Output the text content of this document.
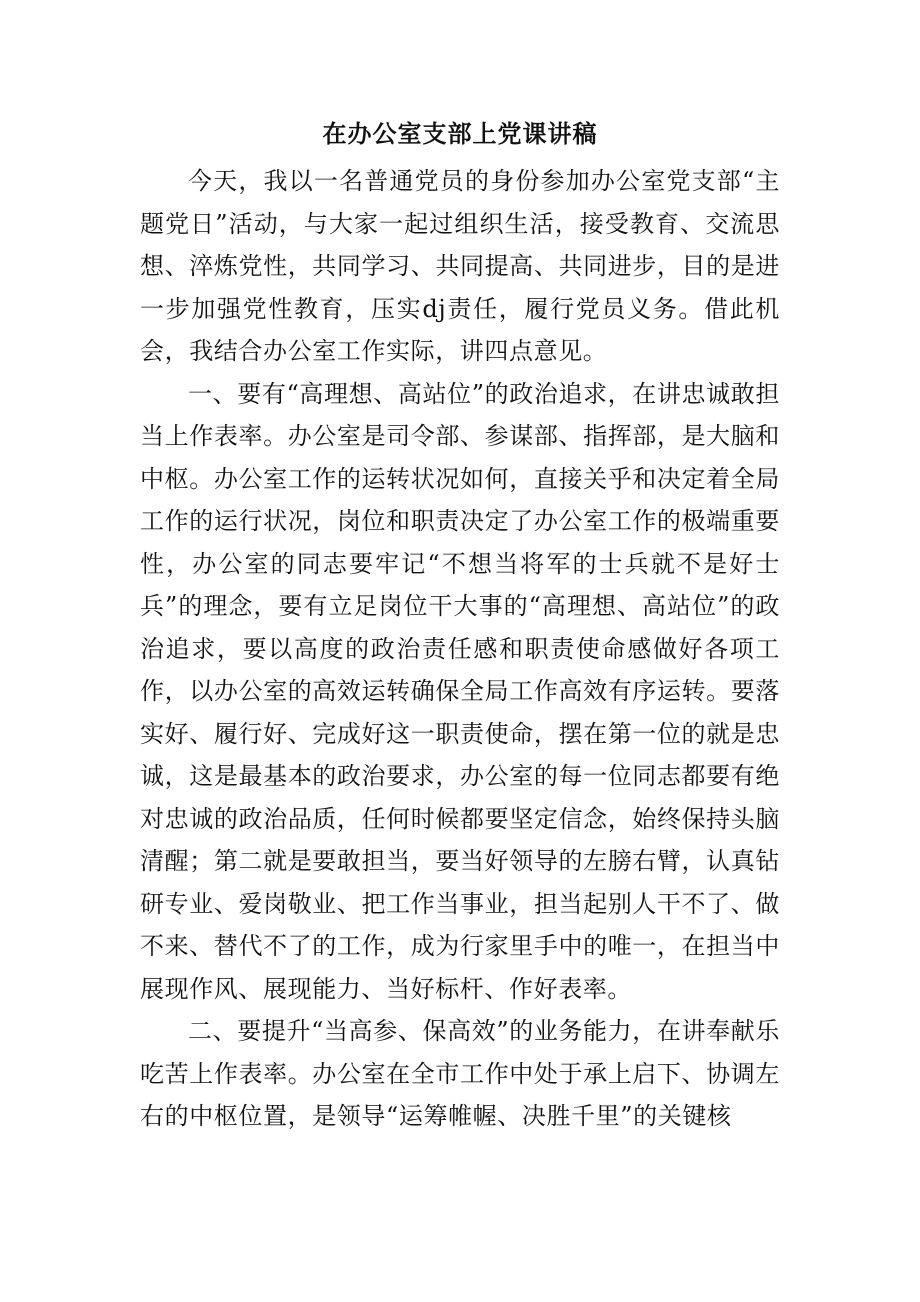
在办公室支部上党课讲稿

今天，我以一名普通党员的身份参加办公室党支部“主题党日”活动，与大家一起过组织生活，接受教育、交流思想、淬炼党性，共同学习、共同提高、共同进步，目的是进一步加强党性教育，压实dj责任，履行党员义务。借此机会，我结合办公室工作实际，讲四点意见。

一、要有“高理想、高站位”的政治追求，在讲忠诚敢担当上作表率。办公室是司令部、参谋部、指挥部，是大脑和中枢。办公室工作的运转状况如何，直接关乎和决定着全局工作的运行状况，岗位和职责决定了办公室工作的极端重要性，办公室的同志要牢记“不想当将军的士兵就不是好士兵”的理念，要有立足岗位干大事的“高理想、高站位”的政治追求，要以高度的政治责任感和职责使命感做好各项工作，以办公室的高效运转确保全局工作高效有序运转。要落实好、履行好、完成好这一职责使命，摆在第一位的就是忠诚，这是最基本的政治要求，办公室的每一位同志都要有绝对忠诚的政治品质，任何时候都要坚定信念，始终保持头脑清醒；第二就是要敢担当，要当好领导的左膀右臂，认真钻研专业、爱岗敬业、把工作当事业，担当起别人干不了、做不来、替代不了的工作，成为行家里手中的唯一，在担当中展现作风、展现能力、当好标杆、作好表率。

二、要提升“当高参、保高效”的业务能力，在讲奉献乐吃苦上作表率。办公室在全市工作中处于承上启下、协调左右的中枢位置，是领导“运筹帷幄、决胜千里”的关键核
